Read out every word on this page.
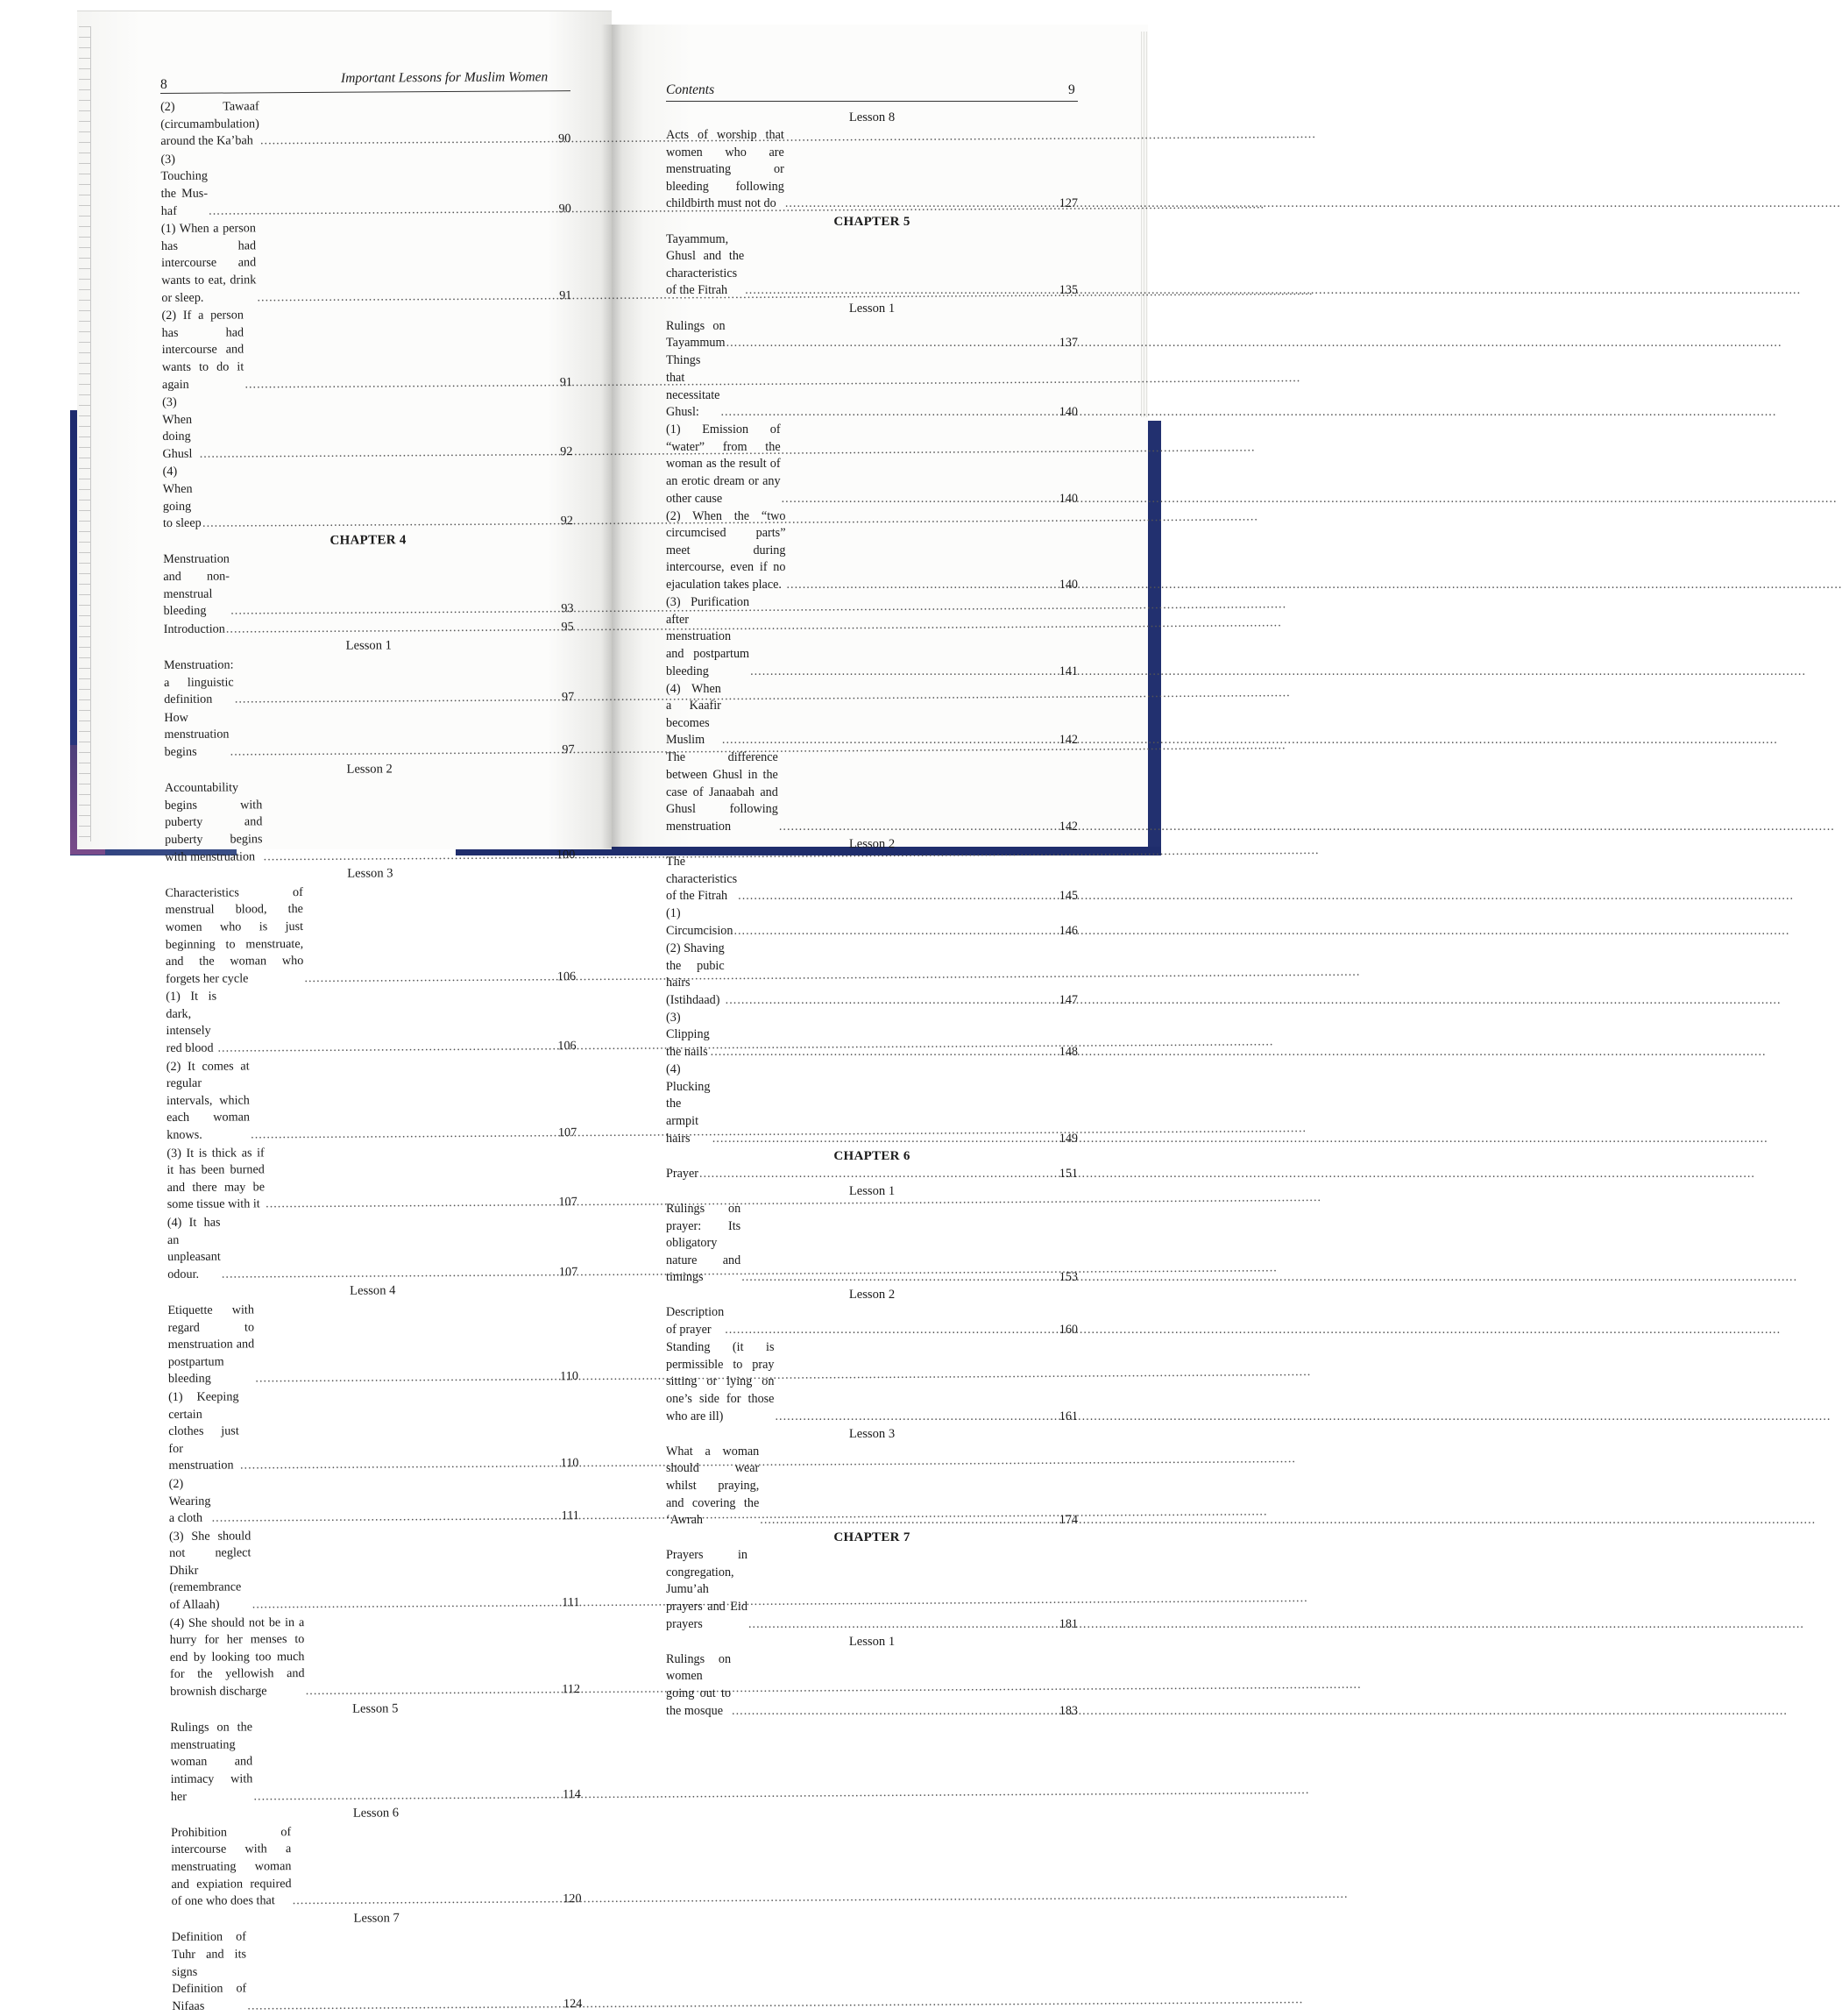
8	Important Lessons for Muslim Women
Contents	9
(2) Tawaaf (circumambulation) around the Ka’bah .....	90
(3) Touching the Mus-haf .....	90
(1) When a person has had intercourse and wants to eat, drink or sleep. .....	91
(2) If a person has had intercourse and wants to do it again .....	91
(3) When doing Ghusl .....	92
(4) When going to sleep .....	92
CHAPTER 4
Menstruation and non-menstrual bleeding .....	93
Introduction .....	95
Lesson 1
Menstruation: a linguistic definition .....	97
How menstruation begins .....	97
Lesson 2
Accountability begins with puberty and puberty begins with menstruation .....	100
Lesson 3
Characteristics of menstrual blood, the women who is just beginning to menstruate, and the woman who forgets her cycle .....	106
(1) It is dark, intensely red blood .....	106
(2) It comes at regular intervals, which each woman knows. .....	107
(3) It is thick as if it has been burned and there may be some tissue with it .....	107
(4) It has an unpleasant odour. .....	107
Lesson 4
Etiquette with regard to menstruation and postpartum bleeding .....	110
(1) Keeping certain clothes just for menstruation .....	110
(2) Wearing a cloth .....	111
(3) She should not neglect Dhikr (remembrance of Allaah) .....	111
(4) She should not be in a hurry for her menses to end by looking too much for the yellowish and brownish discharge .....	112
Lesson 5
Rulings on the menstruating woman and intimacy with her .....	114
Lesson 6
Prohibition of intercourse with a menstruating woman and expiation required of one who does that .....	120
Lesson 7
Definition of Tuhr and its signs Definition of Nifaas .....	124
Lesson 8
Acts of worship that women who are menstruating or bleeding following childbirth must not do .....	127
CHAPTER 5
Tayammum, Ghusl and the characteristics of the Fitrah .....	135
Lesson 1
Rulings on Tayammum .....	137
Things that necessitate Ghusl: .....	140
(1) Emission of “water” from the woman as the result of an erotic dream or any other cause .....	140
(2) When the “two circumcised parts” meet during intercourse, even if no ejaculation takes place. .....	140
(3) Purification after menstruation and postpartum bleeding .....	141
(4) When a Kaafir becomes Muslim .....	142
The difference between Ghusl in the case of Janaabah and Ghusl following menstruation .....	142
Lesson 2
The characteristics of the Fitrah .....	145
(1) Circumcision .....	146
(2) Shaving the pubic hairs (Istihdaad) .....	147
(3) Clipping the nails .....	148
(4) Plucking the armpit hairs .....	149
CHAPTER 6
Prayer .....	151
Lesson 1
Rulings on prayer: Its obligatory nature and timings .....	153
Lesson 2
Description of prayer .....	160
Standing (it is permissible to pray sitting or lying on one’s side for those who are ill) .....	161
Lesson 3
What a woman should wear whilst praying, and covering the ‘Awrah .....	174
CHAPTER 7
Prayers in congregation, Jumu’ah prayers and Eid prayers .....	181
Lesson 1
Rulings on women going out to the mosque .....	183
